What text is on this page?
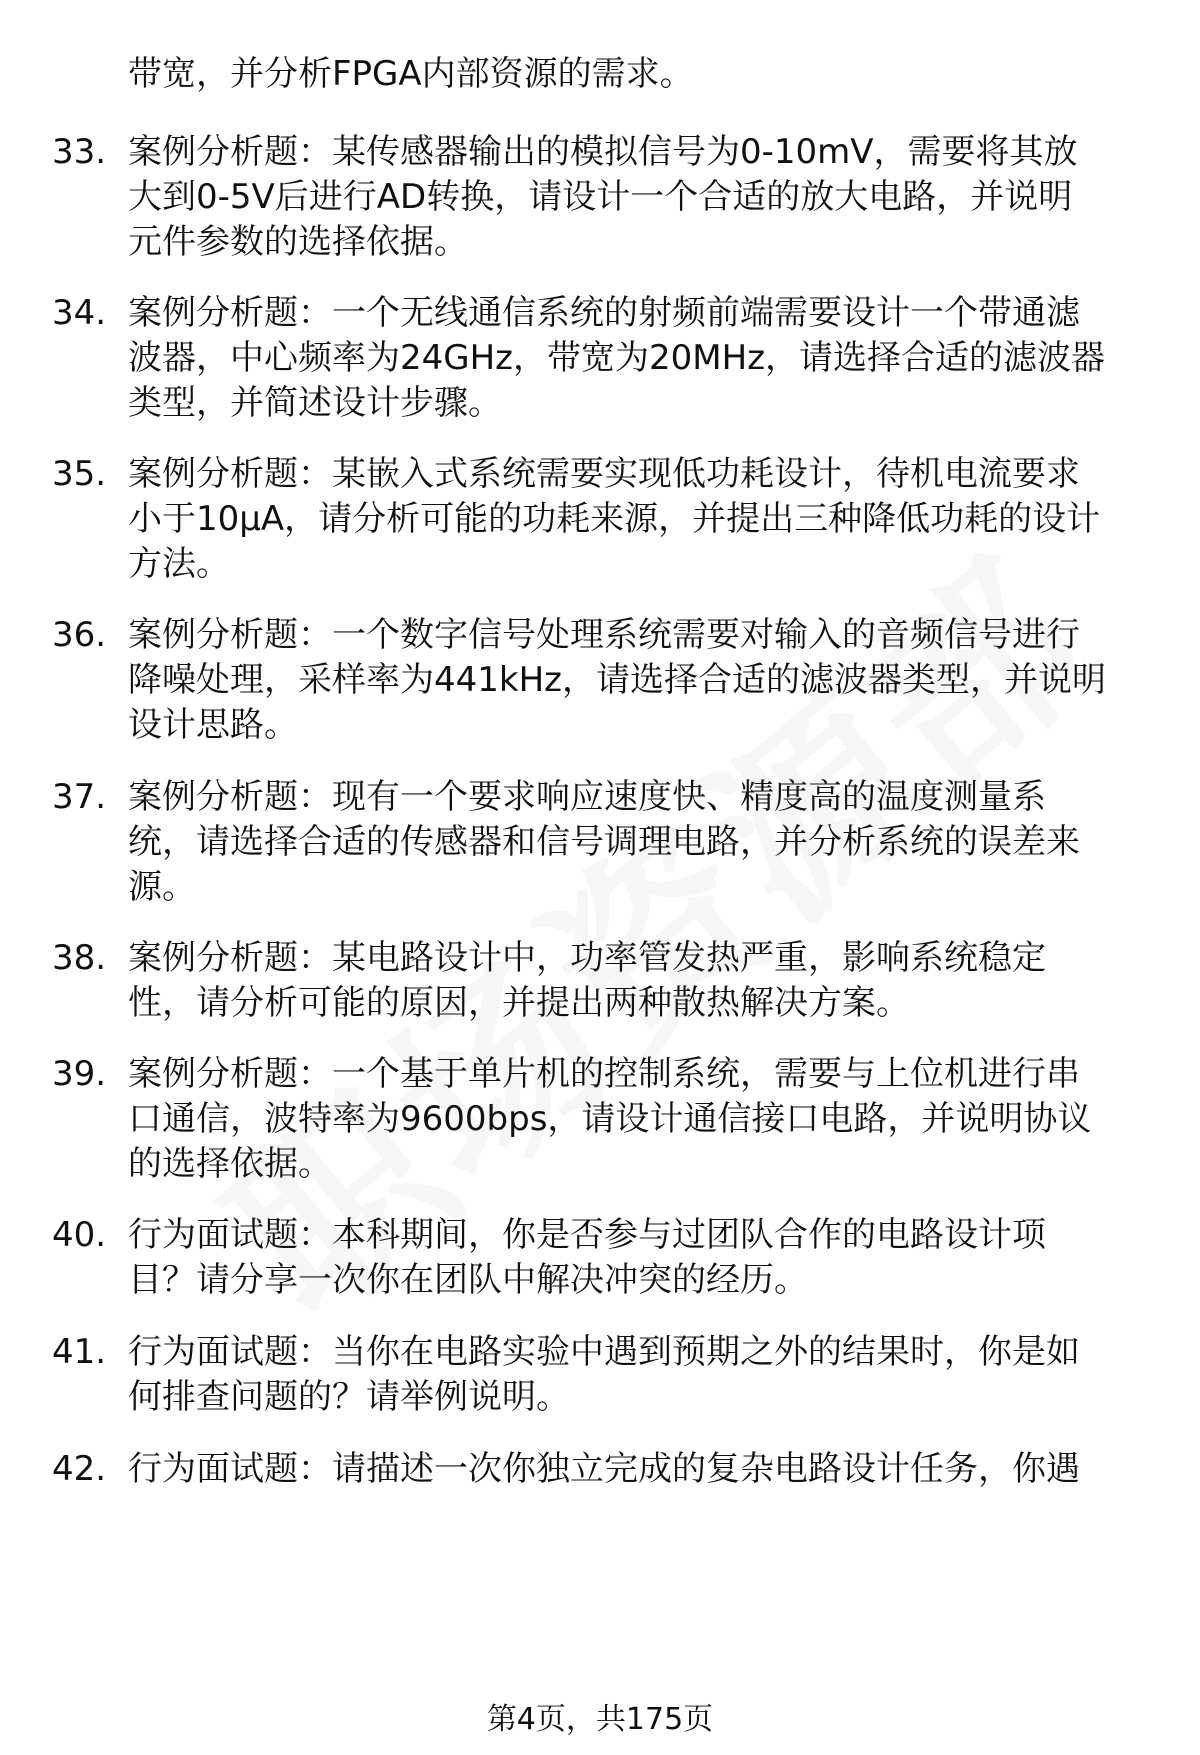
带宽，并分析FPGA内部资源的需求。
33. 案例分析题：某传感器输出的模拟信号为0-10mV，需要将其放
大到0-5V后进行AD转换，请设计一个合适的放大电路，并说明
元件参数的选择依据。
34. 案例分析题：一个无线通信系统的射频前端需要设计一个带通滤
波器，中心频率为24GHz，带宽为20MHz，请选择合适的滤波器
类型，并简述设计步骤。
35. 案例分析题：某嵌入式系统需要实现低功耗设计，待机电流要求
小于10μA，请分析可能的功耗来源，并提出三种降低功耗的设计
方法。
36. 案例分析题：一个数字信号处理系统需要对输入的音频信号进行
降噪处理，采样率为441kHz，请选择合适的滤波器类型，并说明
设计思路。
37. 案例分析题：现有一个要求响应速度快、精度高的温度测量系
统，请选择合适的传感器和信号调理电路，并分析系统的误差来
源。
38. 案例分析题：某电路设计中，功率管发热严重，影响系统稳定
性，请分析可能的原因，并提出两种散热解决方案。
39. 案例分析题：一个基于单片机的控制系统，需要与上位机进行串
口通信，波特率为9600bps，请设计通信接口电路，并说明协议
的选择依据。
40. 行为面试题：本科期间，你是否参与过团队合作的电路设计项
目？请分享一次你在团队中解决冲突的经历。
41. 行为面试题：当你在电路实验中遇到预期之外的结果时，你是如
何排查问题的？请举例说明。
42. 行为面试题：请描述一次你独立完成的复杂电路设计任务，你遇
第4页，共175页
